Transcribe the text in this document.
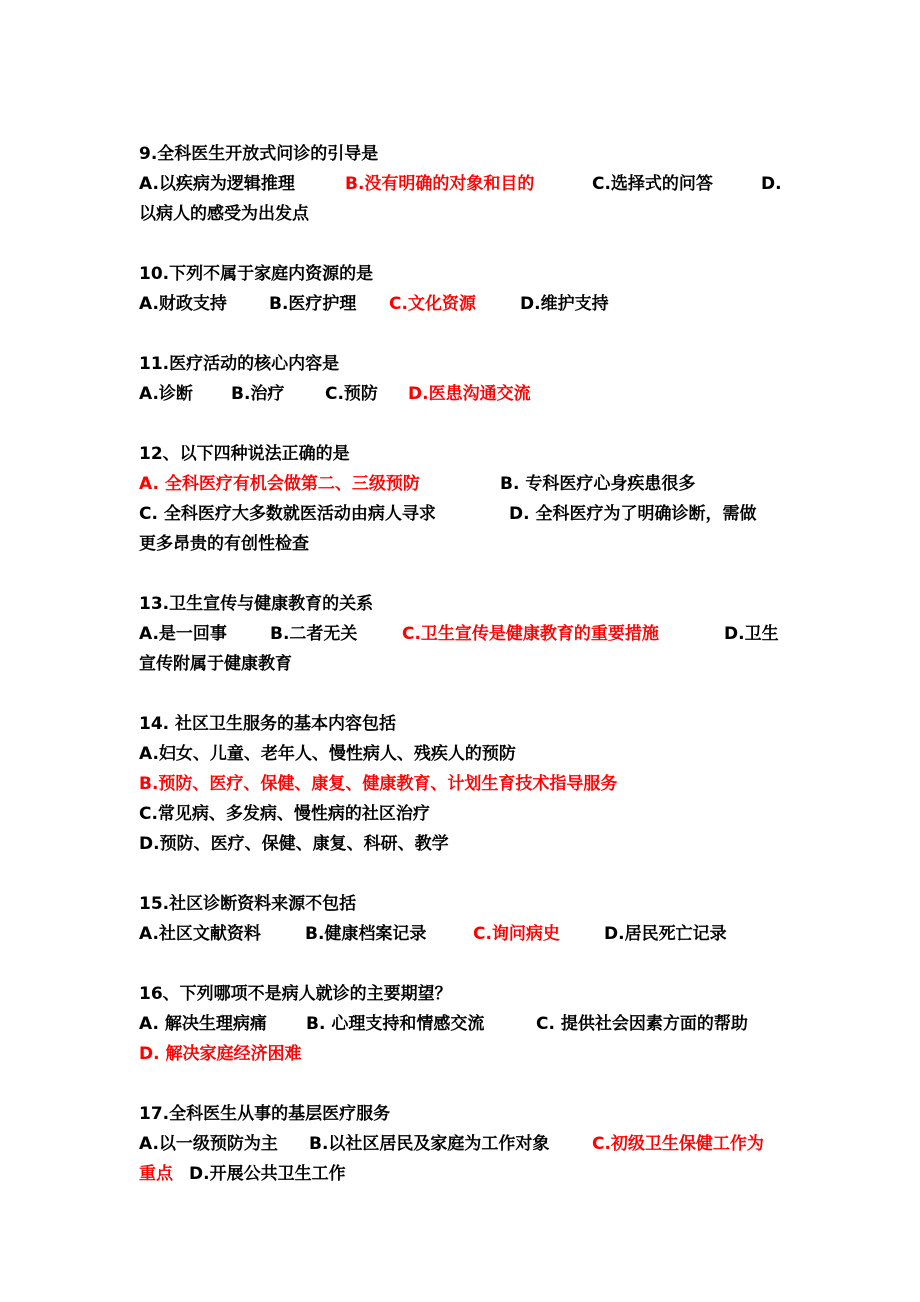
9.全科医生开放式问诊的引导是
A.以疾病为逻辑推理	B.没有明确的对象和目的	C.选择式的问答	D.
以病人的感受为出发点
10.下列不属于家庭内资源的是
A.财政支持 B.医疗护理 C.文化资源	D.维护支持
11.医疗活动的核心内容是
A.诊断 B.治疗 C.预防 D.医患沟通交流
12、以下四种说法正确的是
A. 全科医疗有机会做第二、三级预防	B. 专科医疗心身疾患很多
C. 全科医疗大多数就医活动由病人寻求	D. 全科医疗为了明确诊断，需做
更多昂贵的有创性检查
13.卫生宣传与健康教育的关系
A.是一回事	B.二者无关	C.卫生宣传是健康教育的重要措施	D.卫生
宣传附属于健康教育
14. 社区卫生服务的基本内容包括
A.妇女、儿童、老年人、慢性病人、残疾人的预防
B.预防、医疗、保健、康复、健康教育、计划生育技术指导服务
C.常见病、多发病、慢性病的社区治疗
D.预防、医疗、保健、康复、科研、教学
15.社区诊断资料来源不包括
A.社区文献资料	B.健康档案记录	C.询问病史	D.居民死亡记录
16、下列哪项不是病人就诊的主要期望？
A. 解决生理病痛 B. 心理支持和情感交流	C. 提供社会因素方面的帮助
D. 解决家庭经济困难
17.全科医生从事的基层医疗服务
A.以一级预防为主 B.以社区居民及家庭为工作对象	C.初级卫生保健工作为
重点 D.开展公共卫生工作
